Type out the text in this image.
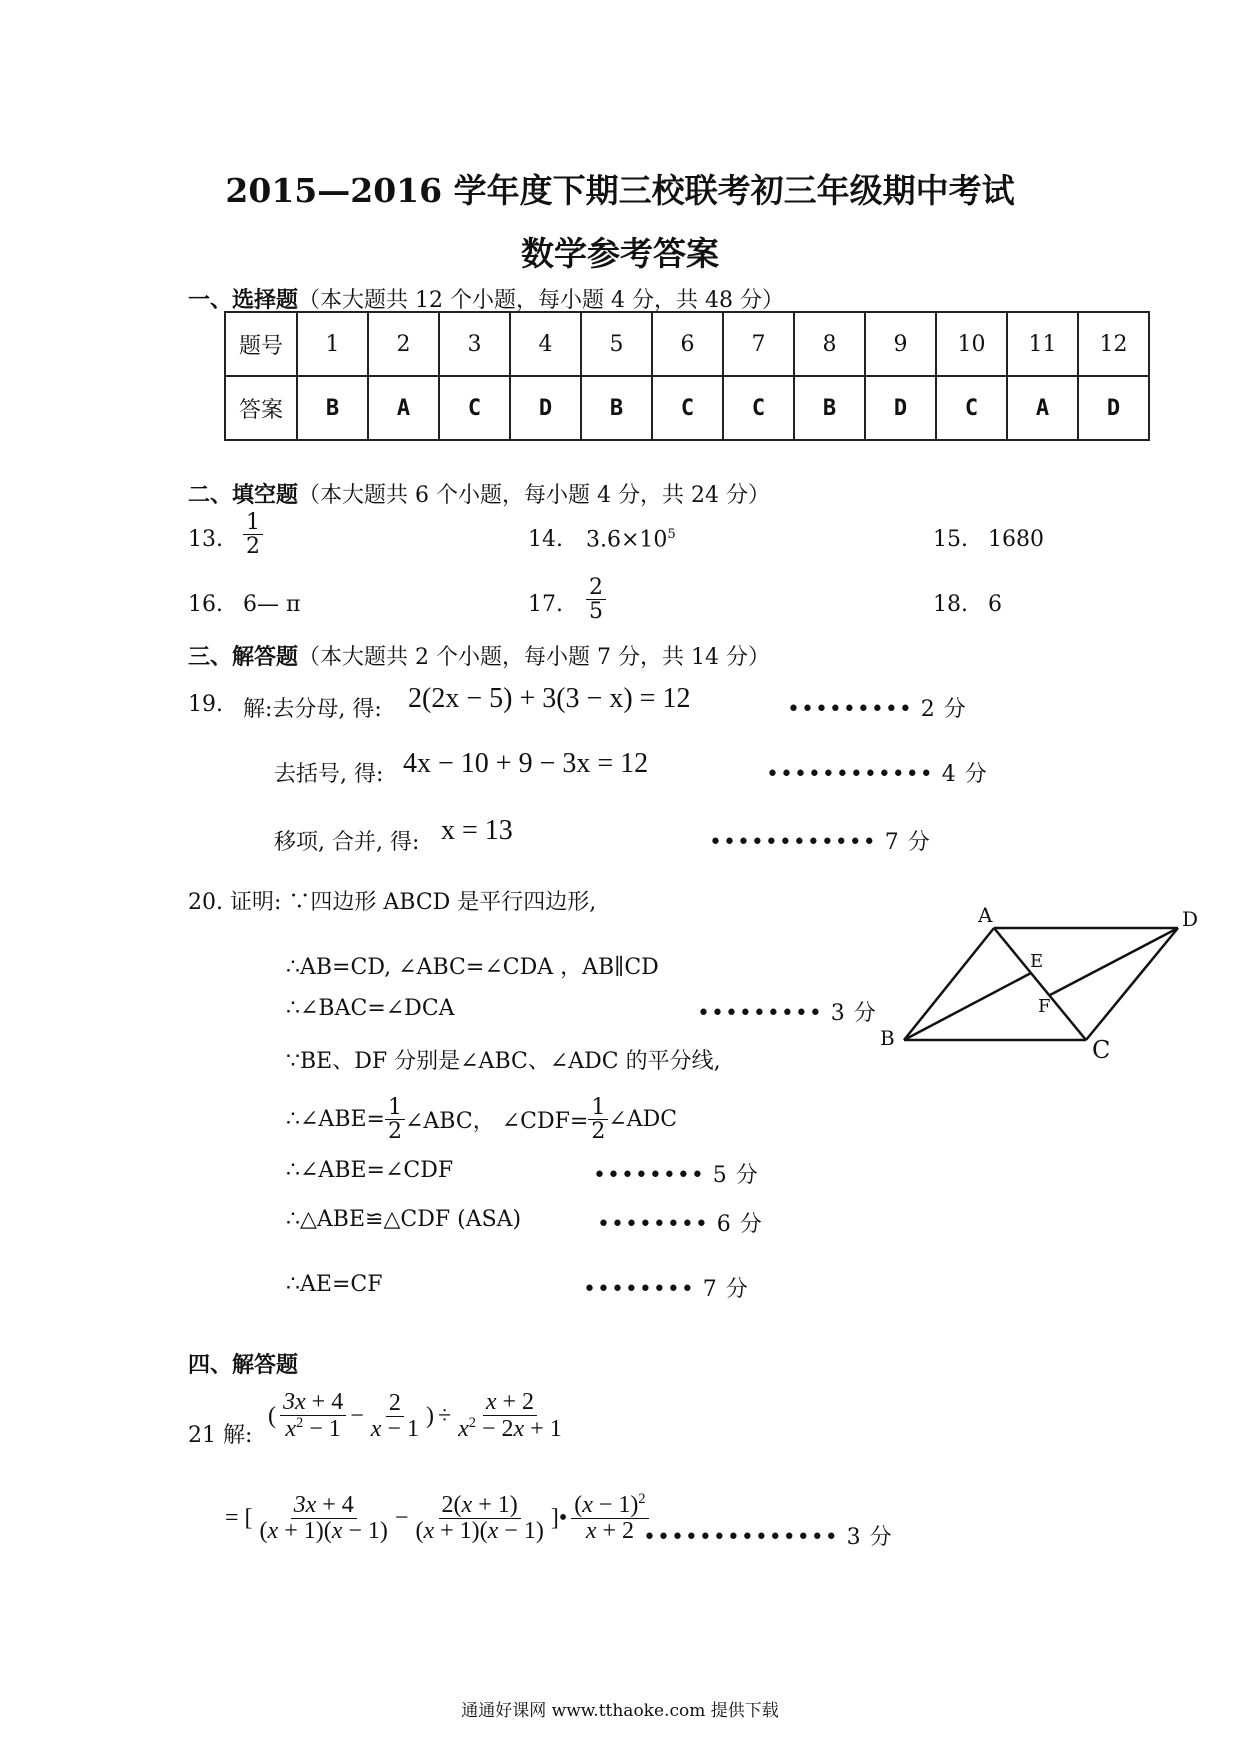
2015—2016 学年度下期三校联考初三年级期中考试
数学参考答案
一、选择题（本大题共 12 个小题，每小题 4 分，共 48 分）
题号	1	2	3	4	5	6	7	8	9	10	11	12
答案	B	A	C	D	B	C	C	B	D	C	A	D
二、填空题（本大题共 6 个小题，每小题 4 分，共 24 分）
13. $\frac{1}{2}$	14. $3.6\times 10^5$	15. 1680
16. 6— π	17. $\frac{2}{5}$	18. 6
三、解答题（本大题共 2 个小题，每小题 7 分，共 14 分）
19. 解:去分母, 得: 2(2x − 5) + 3(3 − x) = 12	••••••••• 2 分
去括号, 得: 4x − 10 + 9 − 3x = 12	•••••••••••• 4 分
移项, 合并, 得: x = 13	•••••••••••• 7 分
20. 证明: ∵四边形 ABCD 是平行四边形,
∴AB=CD, ∠ABC=∠CDA ，AB∥CD
∴∠BAC=∠DCA	••••••••• 3 分
∵BE、DF 分别是∠ABC、∠ADC 的平分线,
∴∠ABE= $\frac{1}{2}$ ∠ABC， ∠CDF= $\frac{1}{2}$ ∠ADC
∴∠ABE=∠CDF	•••••••• 5 分
∴△ABE≌△CDF (ASA)	•••••••• 6 分
∴AE=CF	•••••••• 7 分
A	D
E
F
B	C
四、解答题
21 解:
( $\frac{3x + 4}{x^2 - 1} - \frac{2}{x - 1}$ ) ÷ $\frac{x + 2}{x^2 - 2x + 1}$
= [ $\frac{3x + 4}{(x + 1)(x - 1)} - \frac{2(x + 1)}{(x + 1)(x - 1)}$ ]• $\frac{(x - 1)^2}{x + 2}$
•••••••••••••• 3 分
通通好课网 www.tthaoke.com 提供下载
